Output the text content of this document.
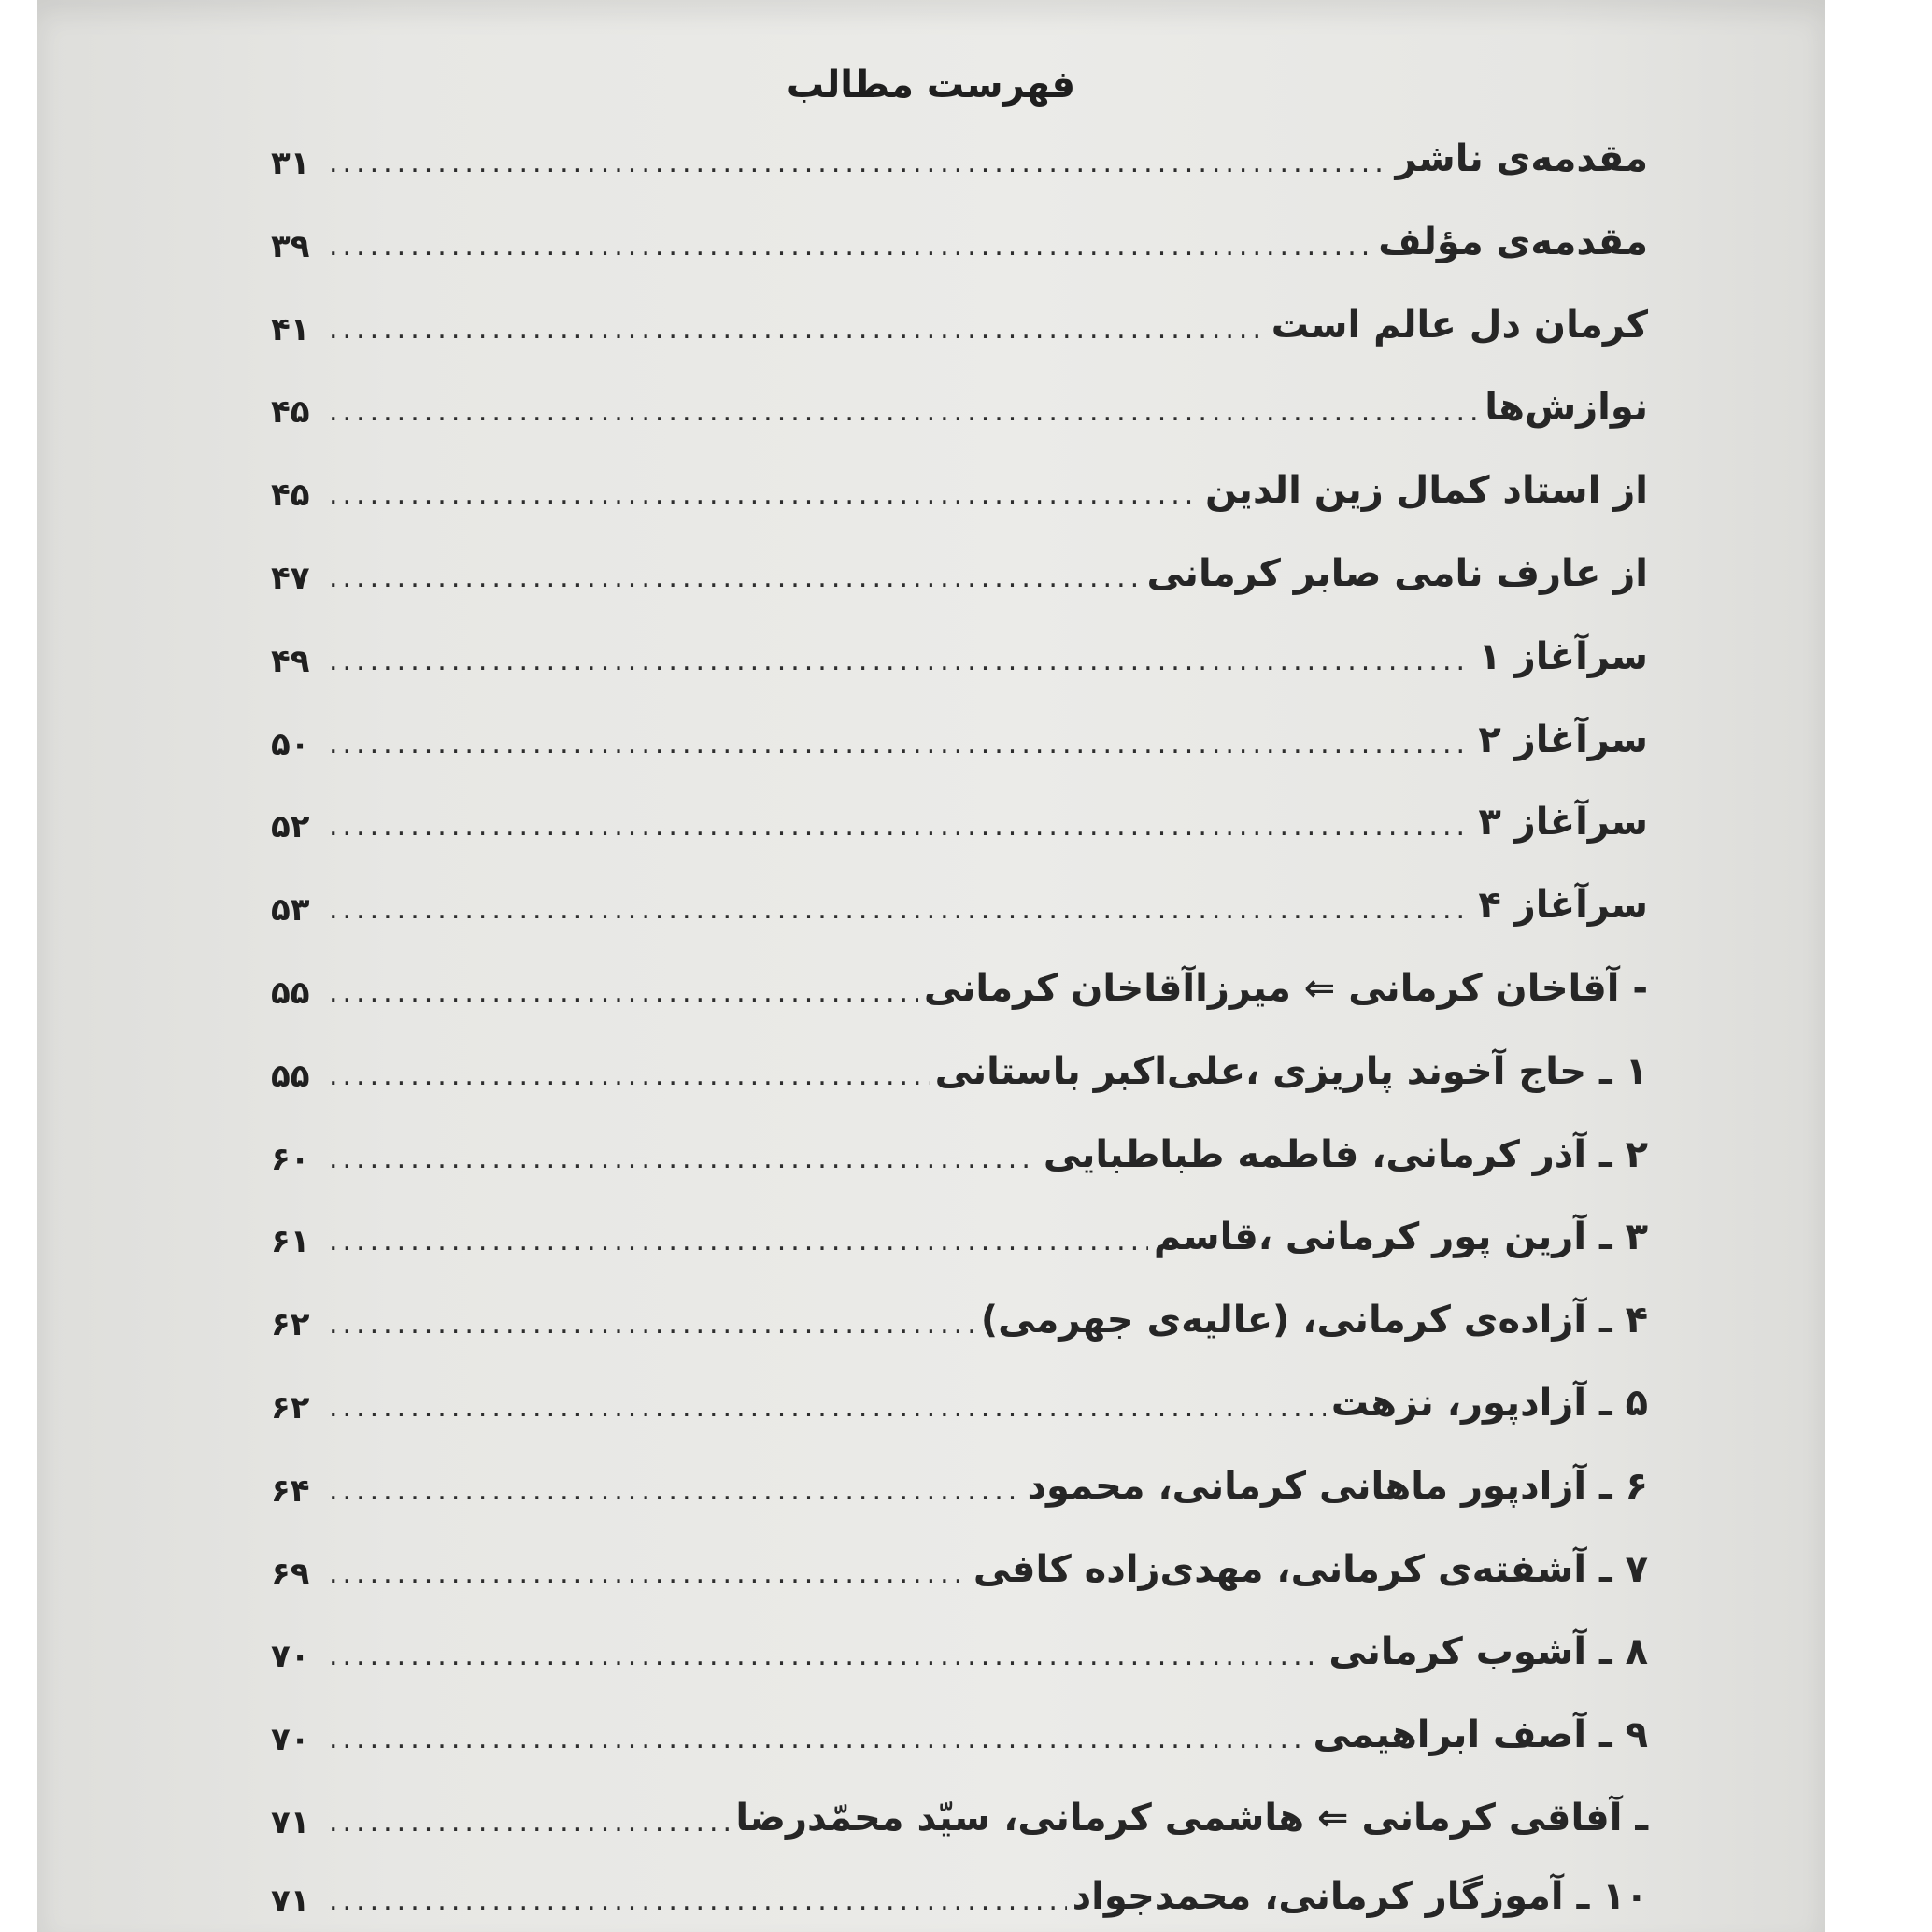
فهرست مطالب
مقدمه‌ی ناشر
.....
۳۱
مقدمه‌ی مؤلف
.....
۳۹
کرمان دل عالم است
.....
۴۱
نوازش‌ها
.....
۴۵
از استاد کمال زین الدین
.....
۴۵
از عارف نامی صابر کرمانی
.....
۴۷
سرآغاز ۱
.....
۴۹
سرآغاز ۲
.....
۵۰
سرآغاز ۳
.....
۵۲
سرآغاز ۴
.....
۵۳
- آقاخان کرمانی ⇐ میرزاآقاخان کرمانی
.....
۵۵
۱ ـ حاج آخوند پاریزی ،علی‌اکبر باستانی
.....
۵۵
۲ ـ آذر کرمانی، فاطمه طباطبایی
.....
۶۰
۳ ـ آرین پور کرمانی ،قاسم
.....
۶۱
۴ ـ آزاده‌ی کرمانی، (عالیه‌ی جهرمی)
.....
۶۲
۵ ـ آزادپور، نزهت
.....
۶۲
۶ ـ آزادپور ماهانی کرمانی، محمود
.....
۶۴
۷ ـ آشفته‌ی کرمانی، مهدی‌زاده کافی
.....
۶۹
۸ ـ آشوب کرمانی
.....
۷۰
۹ ـ آصف ابراهیمی
.....
۷۰
ـ آفاقی کرمانی ⇐ هاشمی کرمانی، سیّد محمّدرضا
.....
۷۱
۱۰ ـ آموزگار کرمانی، محمدجواد
.....
۷۱
